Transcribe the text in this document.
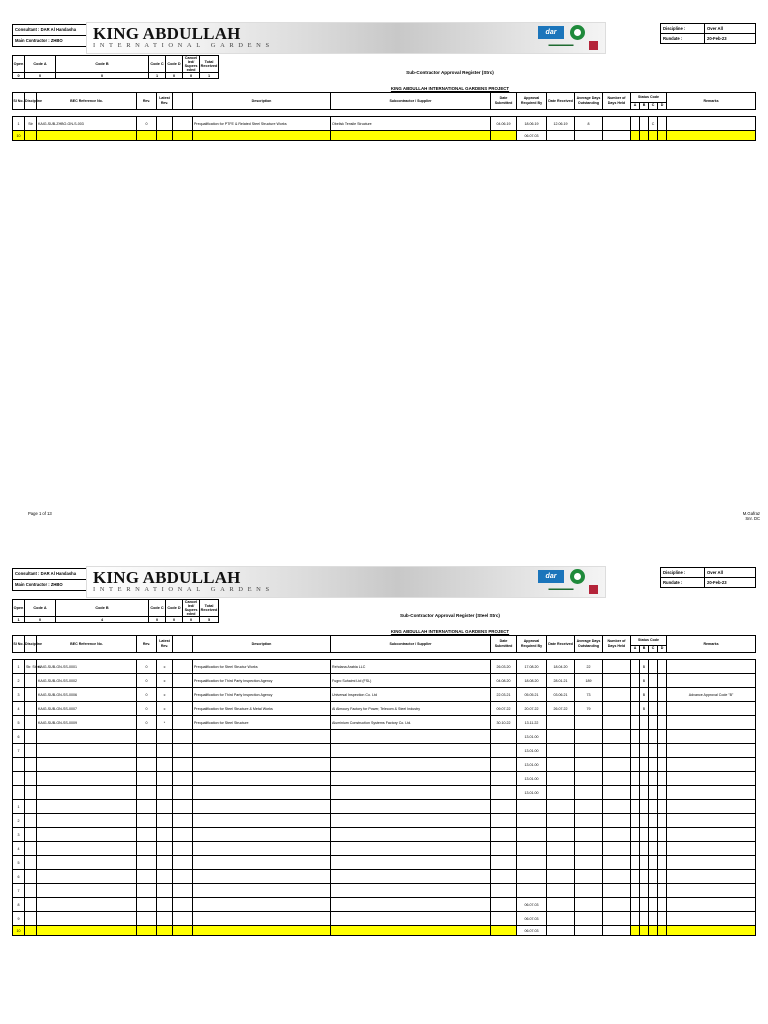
Consultant : DAR Al Handasha
Main Contractor : ZHBO	KING ABDULLAH
INTERNATIONAL GARDENS
dar
▬▬▬▬▬
Discipline :	Over All
Rundate :	20-Feb-23
Open	Code A	Code B	Code C	Code D	Cancel led/ Supers eded	Total Received
0	0	0	1	0	0	1
Sub-Contractor Approval Register (Strc)
KING ABDULLAH INTERNATIONAL GARDENS PROJECT
Sl No.	Discipline	BEC Reference No.	Rev.	Latest Rev.		Description	Subcontractor / Supplier	Date Submitted	Approval Required By	Date Received	Average Days Outstanding	Number of Days Held	Status Code				Remarks
													A	B	C	D	

1	Str	KAIG-SUB-ZHBO-GN-S-003	0			Prequalification for PTFE & Related Steel Structure Works	Obelisk Tensile Structure	04.06.19	18.06.19	12.06.19	8				C		
10									06.07.03								
Page 1 of 13	M.Gafraz
Snr. DC
Consultant : DAR Al Handasha
Main Contractor : ZHBO	KING ABDULLAH
INTERNATIONAL GARDENS
dar
▬▬▬▬▬
Discipline :	Over All
Rundate :	20-Feb-23
Open	Code A	Code B	Code C	Code D	Cancel led/ Supers eded	Total Received
1	0	4	0	0	0	5
Sub-Contractor Approval Register (Steel Strc)
KING ABDULLAH INTERNATIONAL GARDENS PROJECT
Sl No.	Discipline	BEC Reference No.	Rev.	Latest Rev.		Description	Subcontractor / Supplier	Date Submitted	Approval Required By	Date Received	Average Days Outstanding	Number of Days Held	Status Code				Remarks
													A	B	C	D	

1	Str. Steel	KAIG-SUB-GN-SS-0001	0	c		Prequalification for Steel Structur Works	Rehdana Arabia LLC	26.03.20	17.08.20	18.04.20	22			B			
2		KAIG-SUB-GN-SS-0002	0	c		Prequalification for Third Party Inspection Agency	Fugro Suhaimi Ltd (FSL)	04.08.20	18.08.20	28.01.21	189			B			
3		KAIG-SUB-GN-SS-0006	0	c		Prequalification for Third Party Inspection Agency	Universal Inspection Co. Ltd	22.03.21	05.05.21	03.06.21	73			B			Advance Approval Code "B"
4		KAIG-SUB-GN-SS-0007	0	c		Prequalification for Steel Structure & Metal Works	Al Almoury Factory for Power, Telecom & Steel Industry	09.07.22	20.07.22	26.07.22	79			B			
5		KAIG-SUB-GN-SS-0009	0	*		Prequalification for Steel Structure	Aluminium Construction Systems Factory Co. Ltd.	30.10.22	13.11.22								
6									13.01.00								
7									13.01.00								
									13.01.00								
									13.01.00								
									13.01.00								
1																	
2																	
3																	
4																	
5																	
6																	
7																	
8									06.07.03								
9									06.07.03								
10									06.07.03								
